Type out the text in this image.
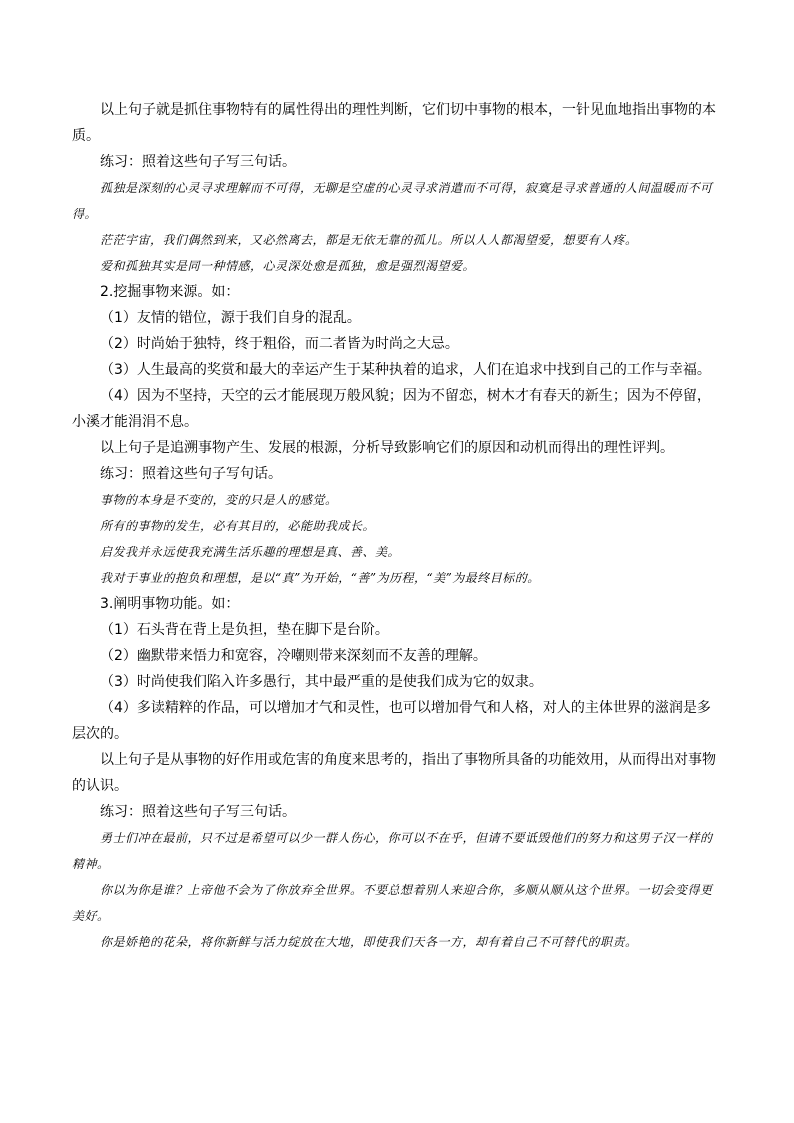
以上句子就是抓住事物特有的属性得出的理性判断，它们切中事物的根本，一针见血地指出事物的本质。

练习：照着这些句子写三句话。

孤独是深刻的心灵寻求理解而不可得，无聊是空虚的心灵寻求消遣而不可得，寂寞是寻求普通的人间温暖而不可得。

茫茫宇宙，我们偶然到来，又必然离去，都是无依无靠的孤儿。所以人人都渴望爱，想要有人疼。

爱和孤独其实是同一种情感，心灵深处愈是孤独，愈是强烈渴望爱。

2.挖掘事物来源。如：

（1）友情的错位，源于我们自身的混乱。

（2）时尚始于独特，终于粗俗，而二者皆为时尚之大忌。

（3）人生最高的奖赏和最大的幸运产生于某种执着的追求，人们在追求中找到自己的工作与幸福。

（4）因为不坚持，天空的云才能展现万般风貌；因为不留恋，树木才有春天的新生；因为不停留，小溪才能涓涓不息。

以上句子是追溯事物产生、发展的根源，分析导致影响它们的原因和动机而得出的理性评判。

练习：照着这些句子写句话。

事物的本身是不变的，变的只是人的感觉。

所有的事物的发生，必有其目的，必能助我成长。

启发我并永远使我充满生活乐趣的理想是真、善、美。

我对于事业的抱负和理想，是以“真”为开始，“善”为历程，“美”为最终目标的。

3.阐明事物功能。如：

（1）石头背在背上是负担，垫在脚下是台阶。

（2）幽默带来悟力和宽容，冷嘲则带来深刻而不友善的理解。

（3）时尚使我们陷入许多愚行，其中最严重的是使我们成为它的奴隶。

（4）多读精粹的作品，可以增加才气和灵性，也可以增加骨气和人格，对人的主体世界的滋润是多层次的。

以上句子是从事物的好作用或危害的角度来思考的，指出了事物所具备的功能效用，从而得出对事物的认识。

练习：照着这些句子写三句话。

勇士们冲在最前，只不过是希望可以少一群人伤心，你可以不在乎，但请不要诋毁他们的努力和这男子汉一样的精神。

你以为你是谁？上帝他不会为了你放弃全世界。不要总想着别人来迎合你，多顺从顺从这个世界。一切会变得更美好。

你是娇艳的花朵，将你新鲜与活力绽放在大地，即使我们天各一方，却有着自己不可替代的职责。
